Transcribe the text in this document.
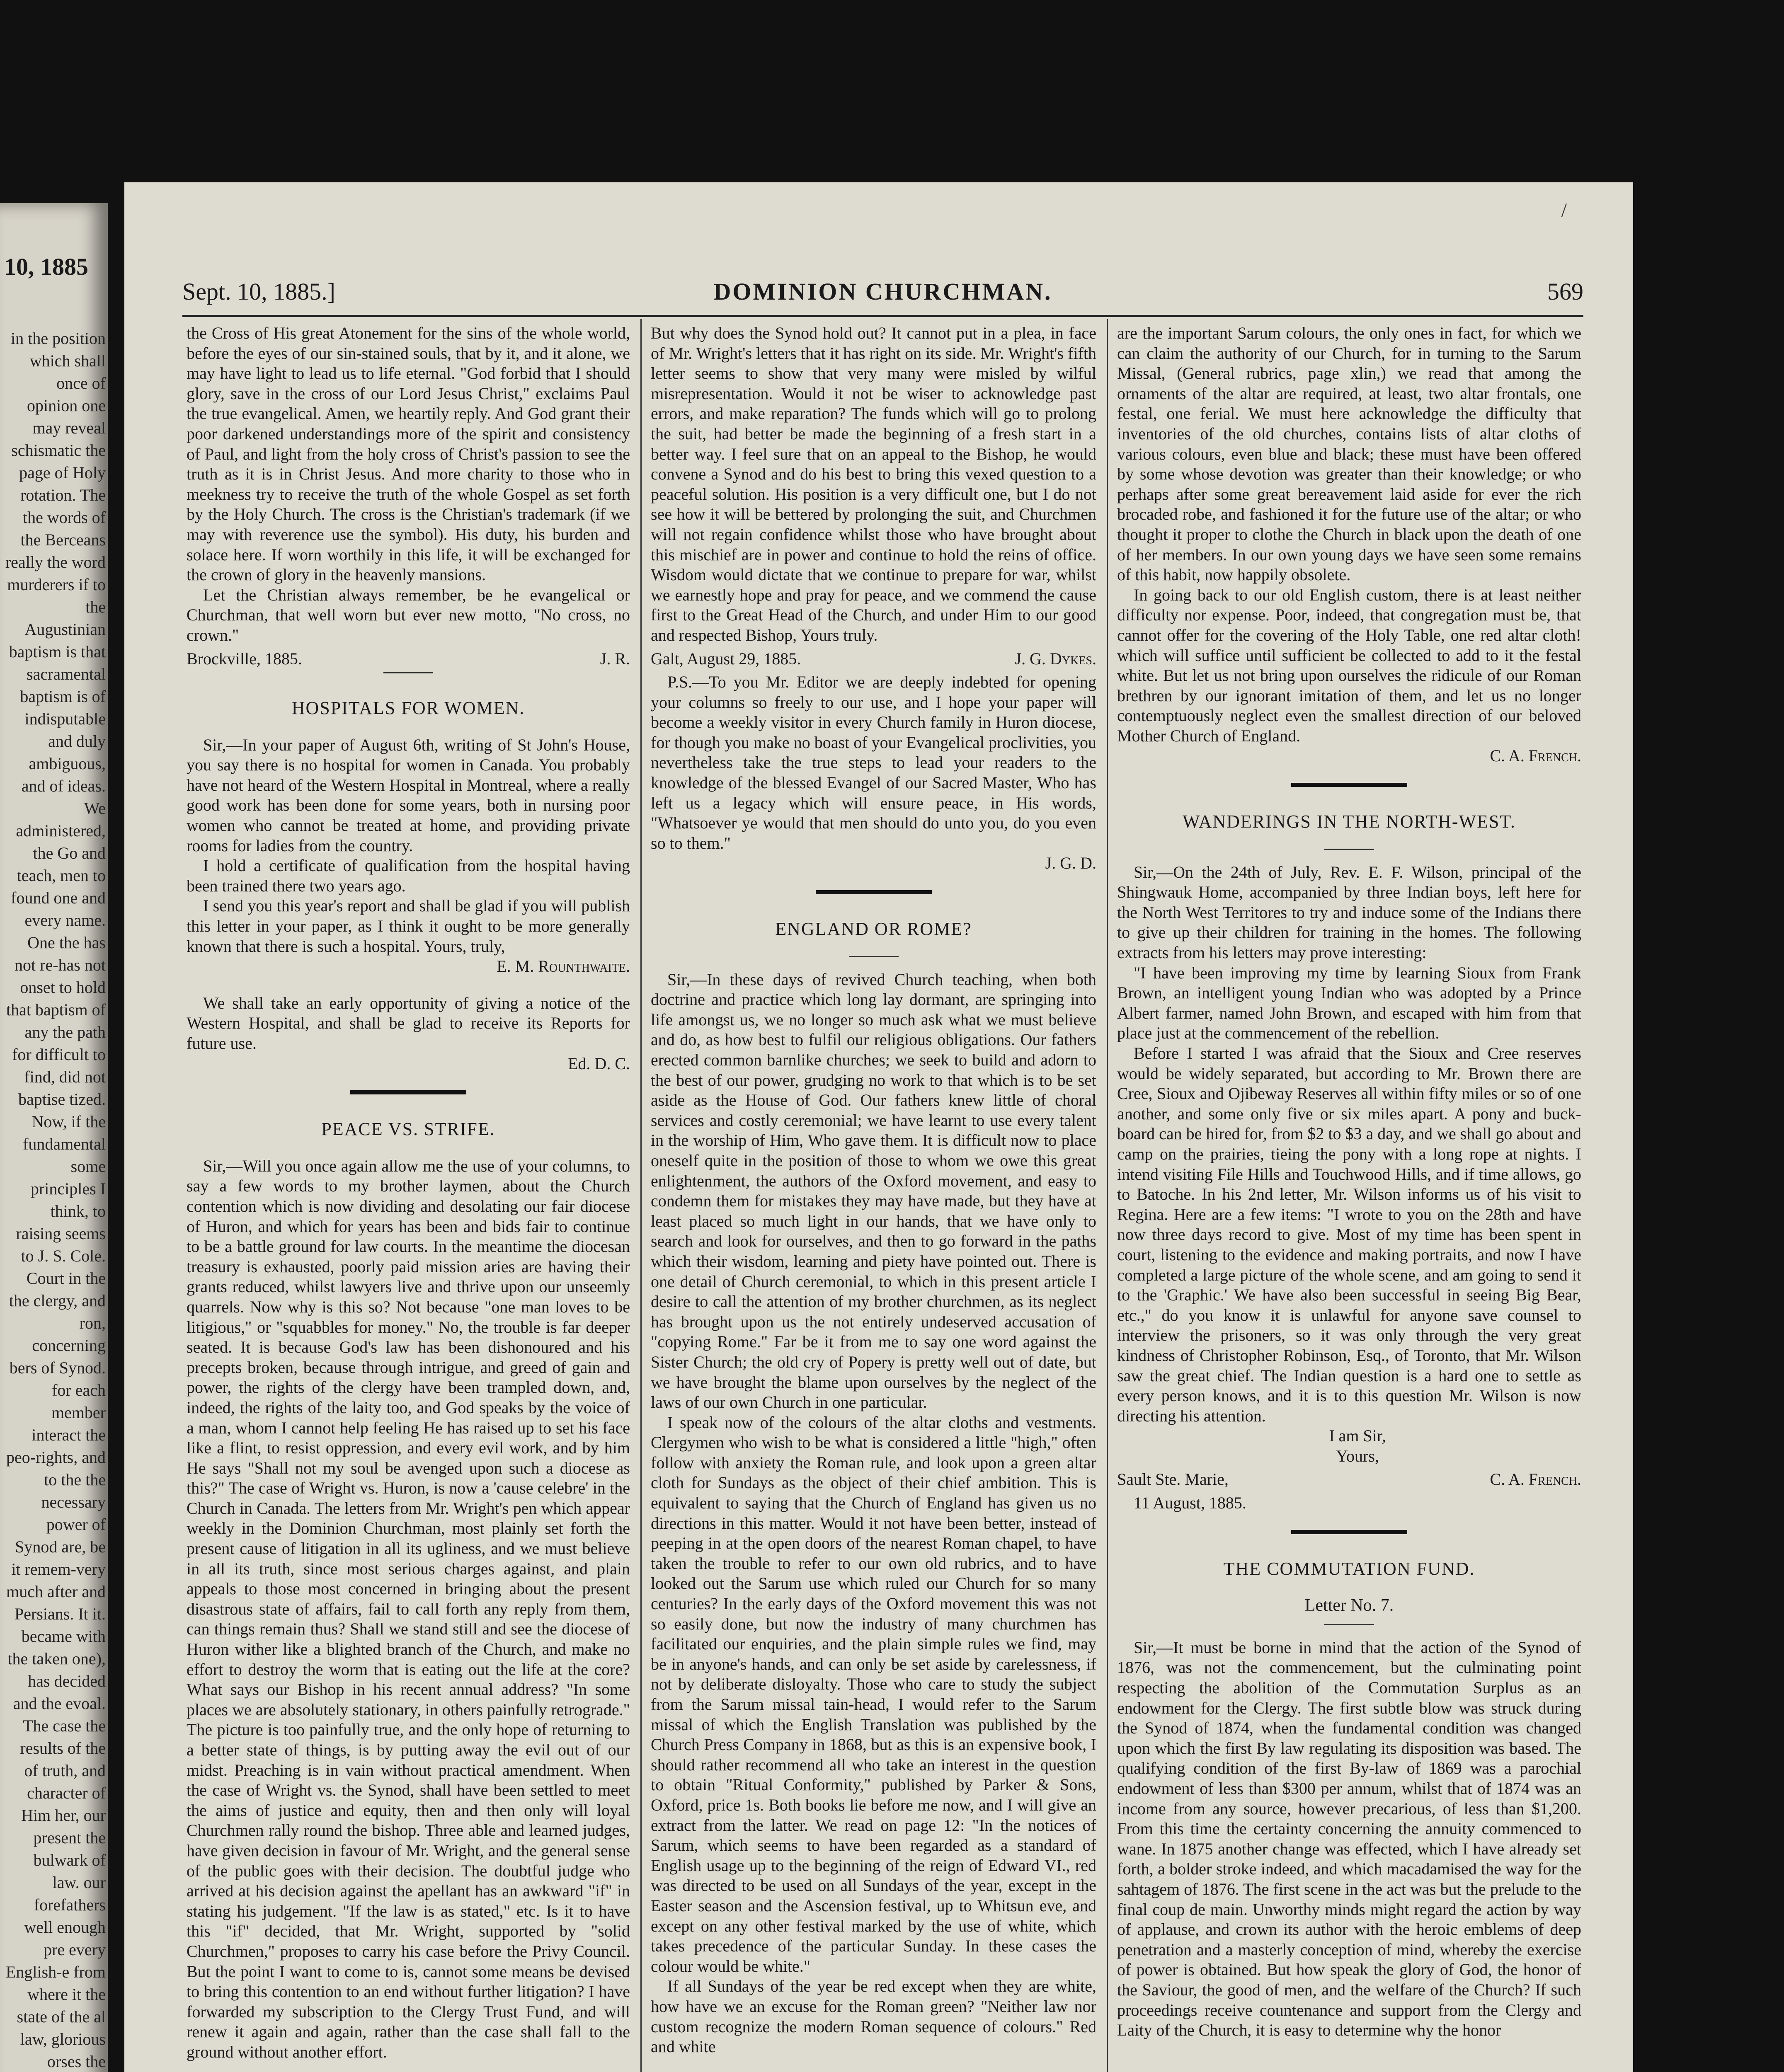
10, 1885
in the position which shall once of opinion one may reveal schismatic the page of Holy rotation. The the words of the Berceans really the word murderers if to the Augustinian baptism is that sacramental baptism is of indisputable and duly ambiguous, and of ideas. We administered, the Go and teach, men to found one and every name. One the has not re-has not onset to hold that baptism of any the path for difficult to find, did not baptise tized. Now, if the fundamental some principles I think, to raising seems to J. S. Cole. Court in the the clergy, and ron, concerning bers of Synod. for each member interact the peo-rights, and to the the necessary power of Synod are, be it remem-very much after and Persians. It it. became with the taken one), has decided and the evoal. The case the results of the of truth, and character of Him her, our present the bulwark of law. our forefathers well enough pre every English-e from where it the state of the al law, glorious orses the
/
Sept. 10, 1885.]	DOMINION CHURCHMAN.	569

the Cross of His great Atonement for the sins of the whole world, before the eyes of our sin-stained souls, that by it, and it alone, we may have light to lead us to life eternal. "God forbid that I should glory, save in the cross of our Lord Jesus Christ," exclaims Paul the true evangelical. Amen, we heartily reply. And God grant their poor darkened understandings more of the spirit and consistency of Paul, and light from the holy cross of Christ's passion to see the truth as it is in Christ Jesus. And more charity to those who in meekness try to receive the truth of the whole Gospel as set forth by the Holy Church. The cross is the Christian's trademark (if we may with reverence use the symbol). His duty, his burden and solace here. If worn worthily in this life, it will be exchanged for the crown of glory in the heavenly mansions.

Let the Christian always remember, be he evangelical or Churchman, that well worn but ever new motto, "No cross, no crown."

Brockville, 1885.	J. R.
HOSPITALS FOR WOMEN.

Sir,—In your paper of August 6th, writing of St John's House, you say there is no hospital for women in Canada. You probably have not heard of the Western Hospital in Montreal, where a really good work has been done for some years, both in nursing poor women who cannot be treated at home, and providing private rooms for ladies from the country.

I hold a certificate of qualification from the hospital having been trained there two years ago.

I send you this year's report and shall be glad if you will publish this letter in your paper, as I think it ought to be more generally known that there is such a hospital. Yours, truly,

E. M. Rounthwaite.

We shall take an early opportunity of giving a notice of the Western Hospital, and shall be glad to receive its Reports for future use.

Ed. D. C.

PEACE VS. STRIFE.

Sir,—Will you once again allow me the use of your columns, to say a few words to my brother laymen, about the Church contention which is now dividing and desolating our fair diocese of Huron, and which for years has been and bids fair to continue to be a battle ground for law courts. In the meantime the diocesan treasury is exhausted, poorly paid mission aries are having their grants reduced, whilst lawyers live and thrive upon our unseemly quarrels. Now why is this so? Not because "one man loves to be litigious," or "squabbles for money." No, the trouble is far deeper seated. It is because God's law has been dishonoured and his precepts broken, because through intrigue, and greed of gain and power, the rights of the clergy have been trampled down, and, indeed, the rights of the laity too, and God speaks by the voice of a man, whom I cannot help feeling He has raised up to set his face like a flint, to resist oppression, and every evil work, and by him He says "Shall not my soul be avenged upon such a diocese as this?" The case of Wright vs. Huron, is now a 'cause celebre' in the Church in Canada. The letters from Mr. Wright's pen which appear weekly in the Dominion Churchman, most plainly set forth the present cause of litigation in all its ugliness, and we must believe in all its truth, since most serious charges against, and plain appeals to those most concerned in bringing about the present disastrous state of affairs, fail to call forth any reply from them, can things remain thus? Shall we stand still and see the diocese of Huron wither like a blighted branch of the Church, and make no effort to destroy the worm that is eating out the life at the core? What says our Bishop in his recent annual address? "In some places we are absolutely stationary, in others painfully retrograde." The picture is too painfully true, and the only hope of returning to a better state of things, is by putting away the evil out of our midst. Preaching is in vain without practical amendment. When the case of Wright vs. the Synod, shall have been settled to meet the aims of justice and equity, then and then only will loyal Churchmen rally round the bishop. Three able and learned judges, have given decision in favour of Mr. Wright, and the general sense of the public goes with their decision. The doubtful judge who arrived at his decision against the apellant has an awkward "if" in stating his judgement. "If the law is as stated," etc. Is it to have this "if" decided, that Mr. Wright, supported by "solid Churchmen," proposes to carry his case before the Privy Council. But the point I want to come to is, cannot some means be devised to bring this contention to an end without further litigation? I have forwarded my subscription to the Clergy Trust Fund, and will renew it again and again, rather than the case shall fall to the ground without another effort.

But why does the Synod hold out? It cannot put in a plea, in face of Mr. Wright's letters that it has right on its side. Mr. Wright's fifth letter seems to show that very many were misled by wilful misrepresentation. Would it not be wiser to acknowledge past errors, and make reparation? The funds which will go to prolong the suit, had better be made the beginning of a fresh start in a better way. I feel sure that on an appeal to the Bishop, he would convene a Synod and do his best to bring this vexed question to a peaceful solution. His position is a very difficult one, but I do not see how it will be bettered by prolonging the suit, and Churchmen will not regain confidence whilst those who have brought about this mischief are in power and continue to hold the reins of office. Wisdom would dictate that we continue to prepare for war, whilst we earnestly hope and pray for peace, and we commend the cause first to the Great Head of the Church, and under Him to our good and respected Bishop, Yours truly.

Galt, August 29, 1885.	J. G. Dykes.

P.S.—To you Mr. Editor we are deeply indebted for opening your columns so freely to our use, and I hope your paper will become a weekly visitor in every Church family in Huron diocese, for though you make no boast of your Evangelical proclivities, you nevertheless take the true steps to lead your readers to the knowledge of the blessed Evangel of our Sacred Master, Who has left us a legacy which will ensure peace, in His words, "Whatsoever ye would that men should do unto you, do you even so to them."

J. G. D.

ENGLAND OR ROME?

Sir,—In these days of revived Church teaching, when both doctrine and practice which long lay dormant, are springing into life amongst us, we no longer so much ask what we must believe and do, as how best to fulfil our religious obligations. Our fathers erected common barnlike churches; we seek to build and adorn to the best of our power, grudging no work to that which is to be set aside as the House of God. Our fathers knew little of choral services and costly ceremonial; we have learnt to use every talent in the worship of Him, Who gave them. It is difficult now to place oneself quite in the position of those to whom we owe this great enlightenment, the authors of the Oxford movement, and easy to condemn them for mistakes they may have made, but they have at least placed so much light in our hands, that we have only to search and look for ourselves, and then to go forward in the paths which their wisdom, learning and piety have pointed out. There is one detail of Church ceremonial, to which in this present article I desire to call the attention of my brother churchmen, as its neglect has brought upon us the not entirely undeserved accusation of "copying Rome." Far be it from me to say one word against the Sister Church; the old cry of Popery is pretty well out of date, but we have brought the blame upon ourselves by the neglect of the laws of our own Church in one particular.

I speak now of the colours of the altar cloths and vestments. Clergymen who wish to be what is considered a little "high," often follow with anxiety the Roman rule, and look upon a green altar cloth for Sundays as the object of their chief ambition. This is equivalent to saying that the Church of England has given us no directions in this matter. Would it not have been better, instead of peeping in at the open doors of the nearest Roman chapel, to have taken the trouble to refer to our own old rubrics, and to have looked out the Sarum use which ruled our Church for so many centuries? In the early days of the Oxford movement this was not so easily done, but now the industry of many churchmen has facilitated our enquiries, and the plain simple rules we find, may be in anyone's hands, and can only be set aside by carelessness, if not by deliberate disloyalty. Those who care to study the subject from the Sarum missal tain-head, I would refer to the Sarum missal of which the English Translation was published by the Church Press Company in 1868, but as this is an expensive book, I should rather recommend all who take an interest in the question to obtain "Ritual Conformity," published by Parker & Sons, Oxford, price 1s. Both books lie before me now, and I will give an extract from the latter. We read on page 12: "In the notices of Sarum, which seems to have been regarded as a standard of English usage up to the beginning of the reign of Edward VI., red was directed to be used on all Sundays of the year, except in the Easter season and the Ascension festival, up to Whitsun eve, and except on any other festival marked by the use of white, which takes precedence of the particular Sunday. In these cases the colour would be white."

If all Sundays of the year be red except when they are white, how have we an excuse for the Roman green? "Neither law nor custom recognize the modern Roman sequence of colours." Red and white

are the important Sarum colours, the only ones in fact, for which we can claim the authority of our Church, for in turning to the Sarum Missal, (General rubrics, page xlin,) we read that among the ornaments of the altar are required, at least, two altar frontals, one festal, one ferial. We must here acknowledge the difficulty that inventories of the old churches, contains lists of altar cloths of various colours, even blue and black; these must have been offered by some whose devotion was greater than their knowledge; or who perhaps after some great bereavement laid aside for ever the rich brocaded robe, and fashioned it for the future use of the altar; or who thought it proper to clothe the Church in black upon the death of one of her members. In our own young days we have seen some remains of this habit, now happily obsolete.

In going back to our old English custom, there is at least neither difficulty nor expense. Poor, indeed, that congregation must be, that cannot offer for the covering of the Holy Table, one red altar cloth! which will suffice until sufficient be collected to add to it the festal white. But let us not bring upon ourselves the ridicule of our Roman brethren by our ignorant imitation of them, and let us no longer contemptuously neglect even the smallest direction of our beloved Mother Church of England.

C. A. French.

WANDERINGS IN THE NORTH-WEST.

Sir,—On the 24th of July, Rev. E. F. Wilson, principal of the Shingwauk Home, accompanied by three Indian boys, left here for the North West Territores to try and induce some of the Indians there to give up their children for training in the homes. The following extracts from his letters may prove interesting:

"I have been improving my time by learning Sioux from Frank Brown, an intelligent young Indian who was adopted by a Prince Albert farmer, named John Brown, and escaped with him from that place just at the commencement of the rebellion.

Before I started I was afraid that the Sioux and Cree reserves would be widely separated, but according to Mr. Brown there are Cree, Sioux and Ojibeway Reserves all within fifty miles or so of one another, and some only five or six miles apart. A pony and buck-board can be hired for, from $2 to $3 a day, and we shall go about and camp on the prairies, tieing the pony with a long rope at nights. I intend visiting File Hills and Touchwood Hills, and if time allows, go to Batoche. In his 2nd letter, Mr. Wilson informs us of his visit to Regina. Here are a few items: "I wrote to you on the 28th and have now three days record to give. Most of my time has been spent in court, listening to the evidence and making portraits, and now I have completed a large picture of the whole scene, and am going to send it to the 'Graphic.' We have also been successful in seeing Big Bear, etc.," do you know it is unlawful for anyone save counsel to interview the prisoners, so it was only through the very great kindness of Christopher Robinson, Esq., of Toronto, that Mr. Wilson saw the great chief. The Indian question is a hard one to settle as every person knows, and it is to this question Mr. Wilson is now directing his attention.

I am Sir,

Yours,

Sault Ste. Marie,	C. A. French.

11 August, 1885.

THE COMMUTATION FUND.
Letter No. 7.

Sir,—It must be borne in mind that the action of the Synod of 1876, was not the commencement, but the culminating point respecting the abolition of the Commutation Surplus as an endowment for the Clergy. The first subtle blow was struck during the Synod of 1874, when the fundamental condition was changed upon which the first By law regulating its disposition was based. The qualifying condition of the first By-law of 1869 was a parochial endowment of less than $300 per annum, whilst that of 1874 was an income from any source, however precarious, of less than $1,200. From this time the certainty concerning the annuity commenced to wane. In 1875 another change was effected, which I have already set forth, a bolder stroke indeed, and which macadamised the way for the sahtagem of 1876. The first scene in the act was but the prelude to the final coup de main. Unworthy minds might regard the action by way of applause, and crown its author with the heroic emblems of deep penetration and a masterly conception of mind, whereby the exercise of power is obtained. But how speak the glory of God, the honor of the Saviour, the good of men, and the welfare of the Church? If such proceedings receive countenance and support from the Clergy and Laity of the Church, it is easy to determine why the honor
